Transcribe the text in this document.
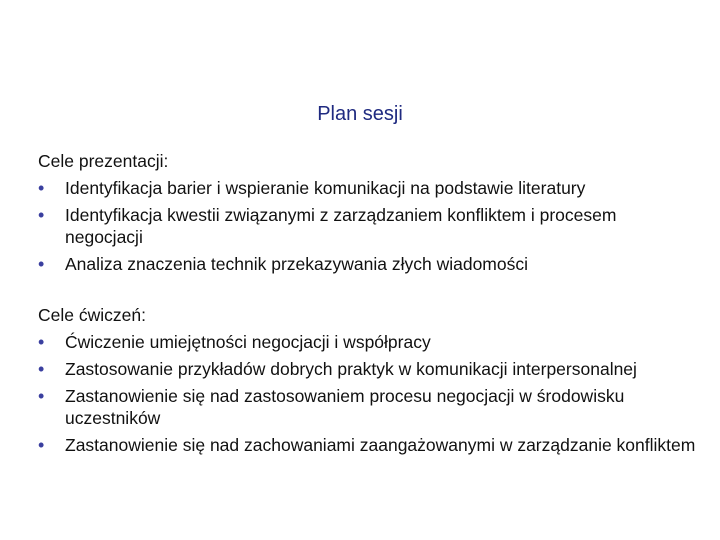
Plan sesji
Cele prezentacji:
• Identyfikacja barier i wspieranie komunikacji na podstawie literatury
• Identyfikacja kwestii związanymi z zarządzaniem konfliktem i procesem negocjacji
• Analiza znaczenia technik przekazywania złych wiadomości
Cele ćwiczeń:
• Ćwiczenie umiejętności negocjacji i współpracy
• Zastosowanie przykładów dobrych praktyk w komunikacji interpersonalnej
• Zastanowienie się nad zastosowaniem procesu negocjacji w środowisku uczestników
• Zastanowienie się nad zachowaniami zaangażowanymi w zarządzanie konfliktem
